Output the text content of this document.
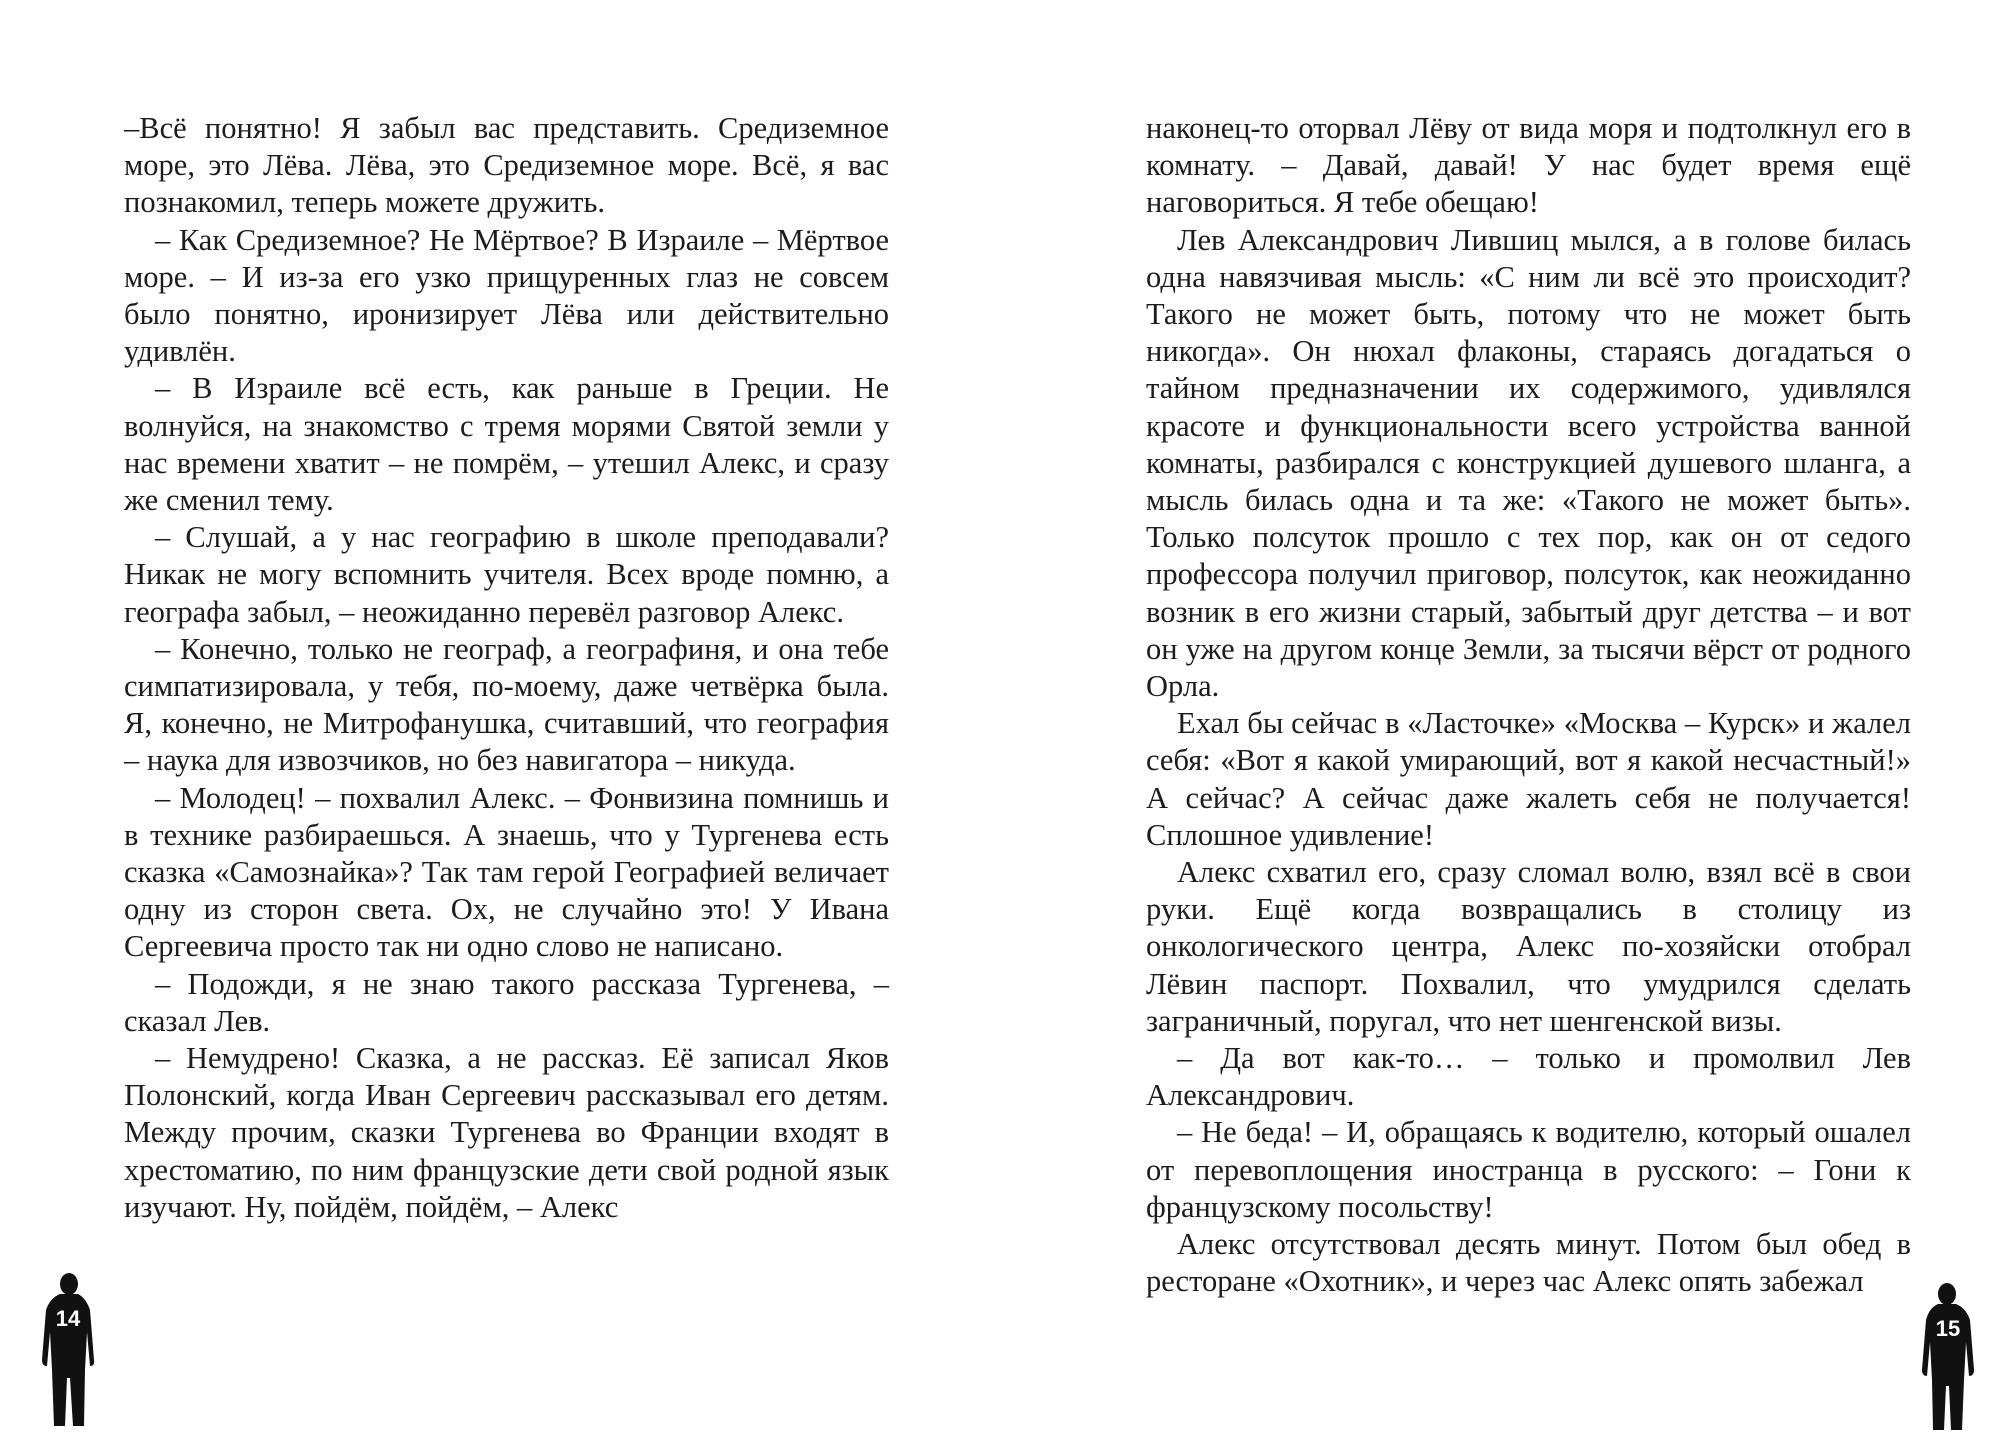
–Всё понятно! Я забыл вас представить. Средиземное море, это Лёва. Лёва, это Средиземное море. Всё, я вас познакомил, теперь можете дружить.

– Как Средиземное? Не Мёртвое? В Израиле – Мёртвое море. – И из-за его узко прищуренных глаз не совсем было понятно, иронизирует Лёва или действительно удивлён.

– В Израиле всё есть, как раньше в Греции. Не волнуйся, на знакомство с тремя морями Святой земли у нас времени хватит – не помрём, – утешил Алекс, и сразу же сменил тему.

– Слушай, а у нас географию в школе преподавали? Никак не могу вспомнить учителя. Всех вроде помню, а географа забыл, – неожиданно перевёл разговор Алекс.

– Конечно, только не географ, а географиня, и она тебе симпатизировала, у тебя, по-моему, даже четвёрка была. Я, конечно, не Митрофанушка, считавший, что география – наука для извозчиков, но без навигатора – никуда.

– Молодец! – похвалил Алекс. – Фонвизина помнишь и в технике разбираешься. А знаешь, что у Тургенева есть сказка «Самознайка»? Так там герой Географией величает одну из сторон света. Ох, не случайно это! У Ивана Сергеевича просто так ни одно слово не написано.

– Подожди, я не знаю такого рассказа Тургенева, – сказал Лев.

– Немудрено! Сказка, а не рассказ. Её записал Яков Полонский, когда Иван Сергеевич рассказывал его детям. Между прочим, сказки Тургенева во Франции входят в хрестоматию, по ним французские дети свой родной язык изучают. Ну, пойдём, пойдём, – Алекс

наконец-то оторвал Лёву от вида моря и подтолкнул его в комнату. – Давай, давай! У нас будет время ещё наговориться. Я тебе обещаю!

Лев Александрович Лившиц мылся, а в голове билась одна навязчивая мысль: «С ним ли всё это происходит? Такого не может быть, потому что не может быть никогда». Он нюхал флаконы, стараясь догадаться о тайном предназначении их содержимого, удивлялся красоте и функциональности всего устройства ванной комнаты, разбирался с конструкцией душевого шланга, а мысль билась одна и та же: «Такого не может быть». Только полсуток прошло с тех пор, как он от седого профессора получил приговор, полсуток, как неожиданно возник в его жизни старый, забытый друг детства – и вот он уже на другом конце Земли, за тысячи вёрст от родного Орла.

Ехал бы сейчас в «Ласточке» «Москва – Курск» и жалел себя: «Вот я какой умирающий, вот я какой несчастный!» А сейчас? А сейчас даже жалеть себя не получается! Сплошное удивление!

Алекс схватил его, сразу сломал волю, взял всё в свои руки. Ещё когда возвращались в столицу из онкологического центра, Алекс по-хозяйски отобрал Лёвин паспорт. Похвалил, что умудрился сделать заграничный, поругал, что нет шенгенской визы.

– Да вот как-то… – только и промолвил Лев Александрович.

– Не беда! – И, обращаясь к водителю, который ошалел от перевоплощения иностранца в русского: – Гони к французскому посольству!

Алекс отсутствовал десять минут. Потом был обед в ресторане «Охотник», и через час Алекс опять забежал

14	15
